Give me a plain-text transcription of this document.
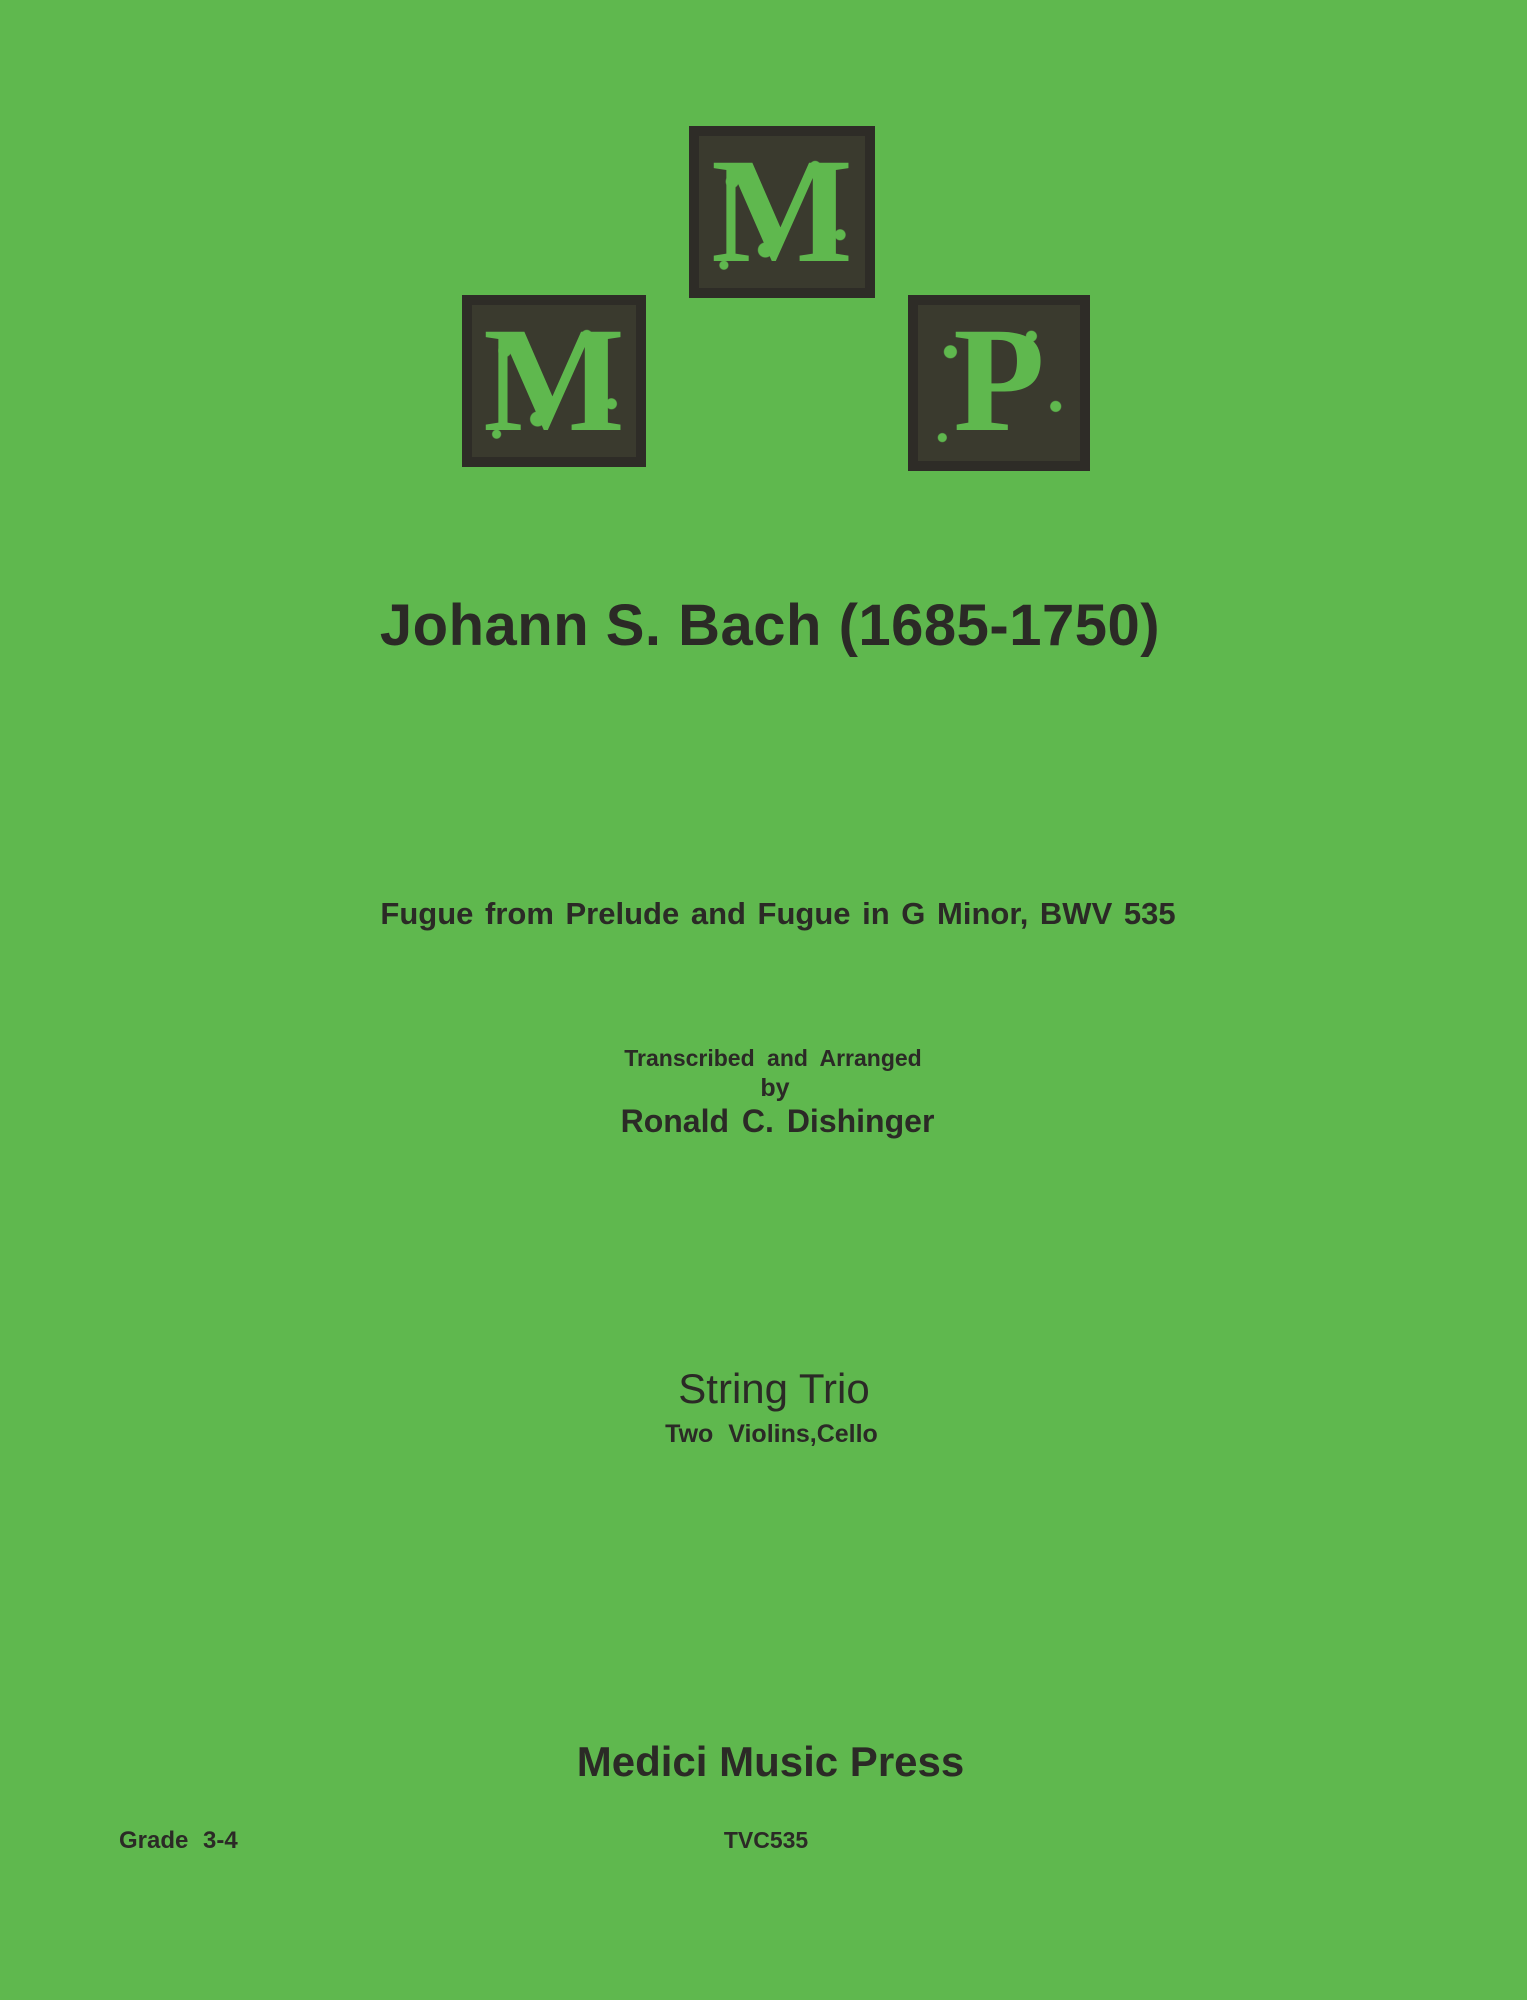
M
M P
Johann S. Bach (1685-1750)
Fugue from Prelude and Fugue in G Minor, BWV 535
Transcribed and Arranged
by
Ronald C. Dishinger
String Trio
Two Violins,Cello
Medici Music Press
Grade 3-4	TVC535
